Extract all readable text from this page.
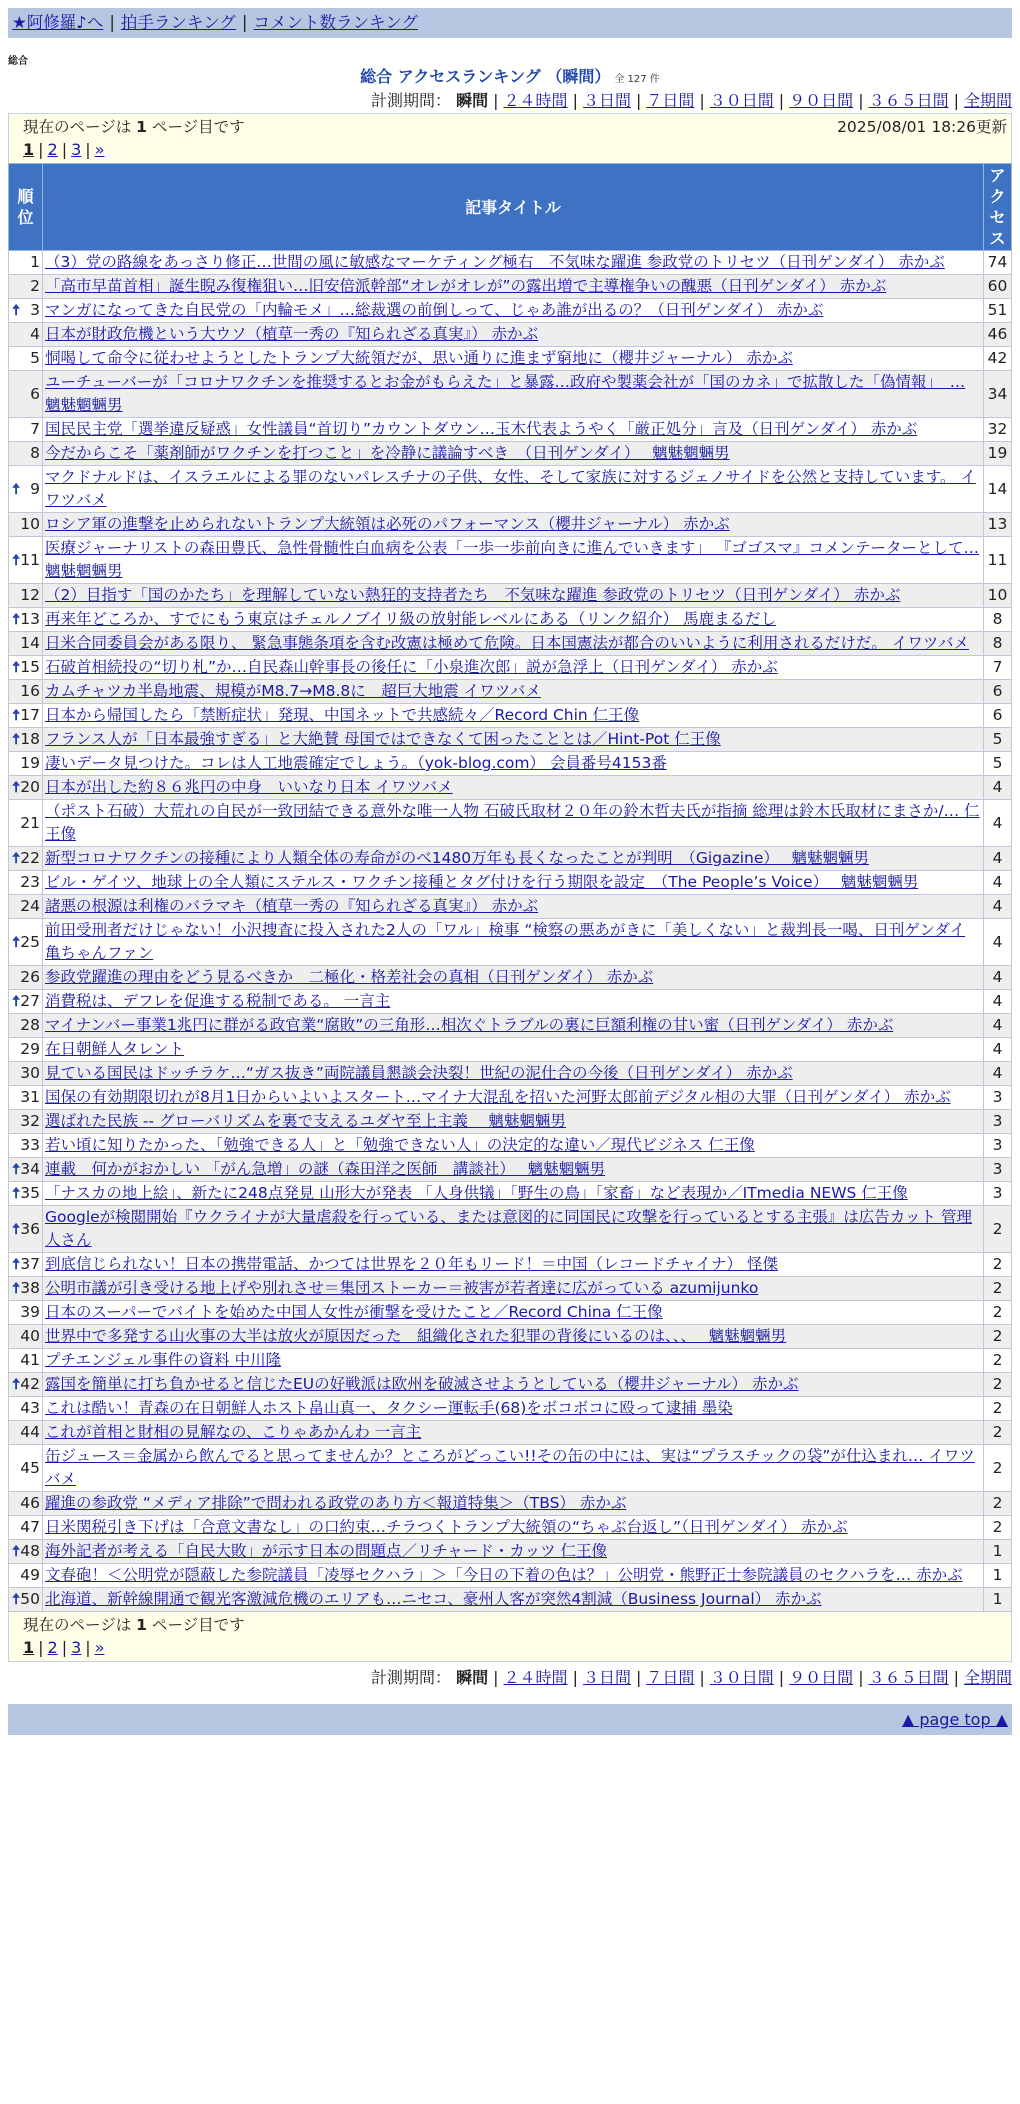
★阿修羅♪へ | 拍手ランキング | コメント数ランキング
総合
総合 アクセスランキング （瞬間） 全 127 件
計測期間： 瞬間 | ２４時間 | ３日間 | ７日間 | ３０日間 | ９０日間 | ３６５日間 | 全期間
現在のページは 1 ページ目です	2025/08/01 18:26更新
1 | 2 | 3 | »
順位	記事タイトル	アクセス
1	（3）党の路線をあっさり修正…世間の風に敏感なマーケティング極右　不気味な躍進 参政党のトリセツ（日刊ゲンダイ） 赤かぶ	74
2	「高市早苗首相」誕生睨み復権狙い…旧安倍派幹部“オレがオレが”の露出増で主導権争いの醜悪（日刊ゲンダイ） 赤かぶ	60

🠅 3	マンガになってきた自民党の「内輪モメ」…総裁選の前倒しって、じゃあ誰が出るの？（日刊ゲンダイ） 赤かぶ	51
4	日本が財政危機という大ウソ（植草一秀の『知られざる真実』） 赤かぶ	46
5	恫喝して命令に従わせようとしたトランプ大統領だが、思い通りに進まず窮地に（櫻井ジャーナル） 赤かぶ	42
6	ユーチューバーが「コロナワクチンを推奨するとお金がもらえた」と暴露…政府や製薬会社が「国のカネ」で拡散した「偽情報」　… 魑魅魍魎男	34
7	国民民主党「選挙違反疑惑」女性議員“首切り”カウントダウン…玉木代表ようやく「厳正処分」言及（日刊ゲンダイ） 赤かぶ	32
8	今だからこそ「薬剤師がワクチンを打つこと」を冷静に議論すべき　（日刊ゲンダイ）　 魑魅魍魎男	19

🠅 9	マクドナルドは、イスラエルによる罪のないパレスチナの子供、女性、そして家族に対するジェノサイドを公然と支持しています。 イワツバメ	14
10	ロシア軍の進撃を止められないトランプ大統領は必死のパフォーマンス（櫻井ジャーナル） 赤かぶ	13

🠅 11	医療ジャーナリストの森田豊氏、急性骨髄性白血病を公表「一歩一歩前向きに進んでいきます」 『ゴゴスマ』コメンテーターとして… 魑魅魍魎男	11
12	（2）目指す「国のかたち」を理解していない熱狂的支持者たち　不気味な躍進 参政党のトリセツ（日刊ゲンダイ） 赤かぶ	10

🠅 13	再来年どころか、すでにもう東京はチェルノブイリ級の放射能レベルにある（リンク紹介） 馬鹿まるだし	8
14	日米合同委員会がある限り、 緊急事態条項を含む改憲は極めて危険。日本国憲法が都合のいいように利用されるだけだ。 イワツバメ	8

🠅 15	石破首相続投の“切り札”か…自民森山幹事長の後任に「小泉進次郎」説が急浮上（日刊ゲンダイ） 赤かぶ	7
16	カムチャツカ半島地震、規模がM8.7→M8.8に　超巨大地震 イワツバメ	6

🠅 17	日本から帰国したら「禁断症状」発現、中国ネットで共感続々／Record Chin 仁王像	6

🠅 18	フランス人が「日本最強すぎる」と大絶賛 母国ではできなくて困ったこととは／Hint-Pot 仁王像	5
19	凄いデータ見つけた。コレは人工地震確定でしょう。（yok-blog.com） 会員番号4153番	5

🠅 20	日本が出した約８６兆円の中身　いいなり日本 イワツバメ	4
21	（ポスト石破）大荒れの自民が一致団結できる意外な唯一人物 石破氏取材２０年の鈴木哲夫氏が指摘 総理は鈴木氏取材にまさか/… 仁王像	4

🠅 22	新型コロナワクチンの接種により人類全体の寿命がのべ1480万年も長くなったことが判明　（Gigazine）　 魑魅魍魎男	4
23	ビル・ゲイツ、地球上の全人類にステルス・ワクチン接種とタグ付けを行う期限を設定　（The People’s Voice）　 魑魅魍魎男	4
24	諸悪の根源は利権のバラマキ（植草一秀の『知られざる真実』） 赤かぶ	4

🠅 25	前田受刑者だけじゃない！小沢捜査に投入された2人の「ワル」検事 “検察の悪あがきに「美しくない」と裁判長一喝、日刊ゲンダイ 亀ちゃんファン	4
26	参政党躍進の理由をどう見るべきか　二極化・格差社会の真相（日刊ゲンダイ） 赤かぶ	4

🠅 27	消費税は、デフレを促進する税制である。 一言主	4
28	マイナンバー事業1兆円に群がる政官業“腐敗”の三角形…相次ぐトラブルの裏に巨額利権の甘い蜜（日刊ゲンダイ） 赤かぶ	4
29	在日朝鮮人タレント	4
30	見ている国民はドッチラケ…“ガス抜き”両院議員懇談会決裂！世紀の泥仕合の今後（日刊ゲンダイ） 赤かぶ	4
31	国保の有効期限切れが8月1日からいよいよスタート…マイナ大混乱を招いた河野太郎前デジタル相の大罪（日刊ゲンダイ） 赤かぶ	3
32	選ばれた民族 -- グローバリズムを裏で支えるユダヤ至上主義　 魑魅魍魎男	3
33	若い頃に知りたかった、「勉強できる人」と「勉強できない人」の決定的な違い／現代ビジネス 仁王像	3

🠅 34	連載　何かがおかしい 「がん急増」の謎（森田洋之医師　講談社）　 魑魅魍魎男	3

🠅 35	「ナスカの地上絵」、新たに248点発見 山形大が発表 「人身供犠」「野生の鳥」「家畜」など表現か／ITmedia NEWS 仁王像	3

🠅 36	Googleが検閲開始『ウクライナが大量虐殺を行っている、または意図的に同国民に攻撃を行っているとする主張』は広告カット 管理人さん	2

🠅 37	到底信じられない！日本の携帯電話、かつては世界を２０年もリード！＝中国（レコードチャイナ） 怪傑	2

🠅 38	公明市議が引き受ける地上げや別れさせ＝集団ストーカー＝被害が若者達に広がっている azumijunko	2
39	日本のスーパーでバイトを始めた中国人女性が衝撃を受けたこと／Record China 仁王像	2
40	世界中で多発する山火事の大半は放火が原因だった　組織化された犯罪の背後にいるのは、、、　 魑魅魍魎男	2
41	プチエンジェル事件の資料 中川隆	2

🠅 42	露国を簡単に打ち負かせると信じたEUの好戦派は欧州を破滅させようとしている（櫻井ジャーナル） 赤かぶ	2
43	これは酷い！青森の在日朝鮮人ホスト畠山真一、タクシー運転手(68)をボコボコに殴って逮捕 墨染	2
44	これが首相と財相の見解なの、こりゃあかんわ 一言主	2
45	缶ジュース＝金属から飲んでると思ってませんか？ところがどっこい!!その缶の中には、実は“プラスチックの袋”が仕込まれ… イワツバメ	2
46	躍進の参政党 “メディア排除”で問われる政党のあり方＜報道特集＞（TBS） 赤かぶ	2
47	日米関税引き下げは「合意文書なし」の口約束…チラつくトランプ大統領の“ちゃぶ台返し”（日刊ゲンダイ） 赤かぶ	2

🠅 48	海外記者が考える「自民大敗」が示す日本の問題点／リチャード・カッツ 仁王像	1
49	文春砲！＜公明党が隠蔽した参院議員「凌辱セクハラ」＞「今日の下着の色は？」公明党・熊野正士参院議員のセクハラを… 赤かぶ	1

🠅 50	北海道、新幹線開通で観光客激減危機のエリアも…ニセコ、豪州人客が突然4割減（Business Journal） 赤かぶ	1
現在のページは 1 ページ目です
1 | 2 | 3 | »
計測期間： 瞬間 | ２４時間 | ３日間 | ７日間 | ３０日間 | ９０日間 | ３６５日間 | 全期間
▲ page top ▲
